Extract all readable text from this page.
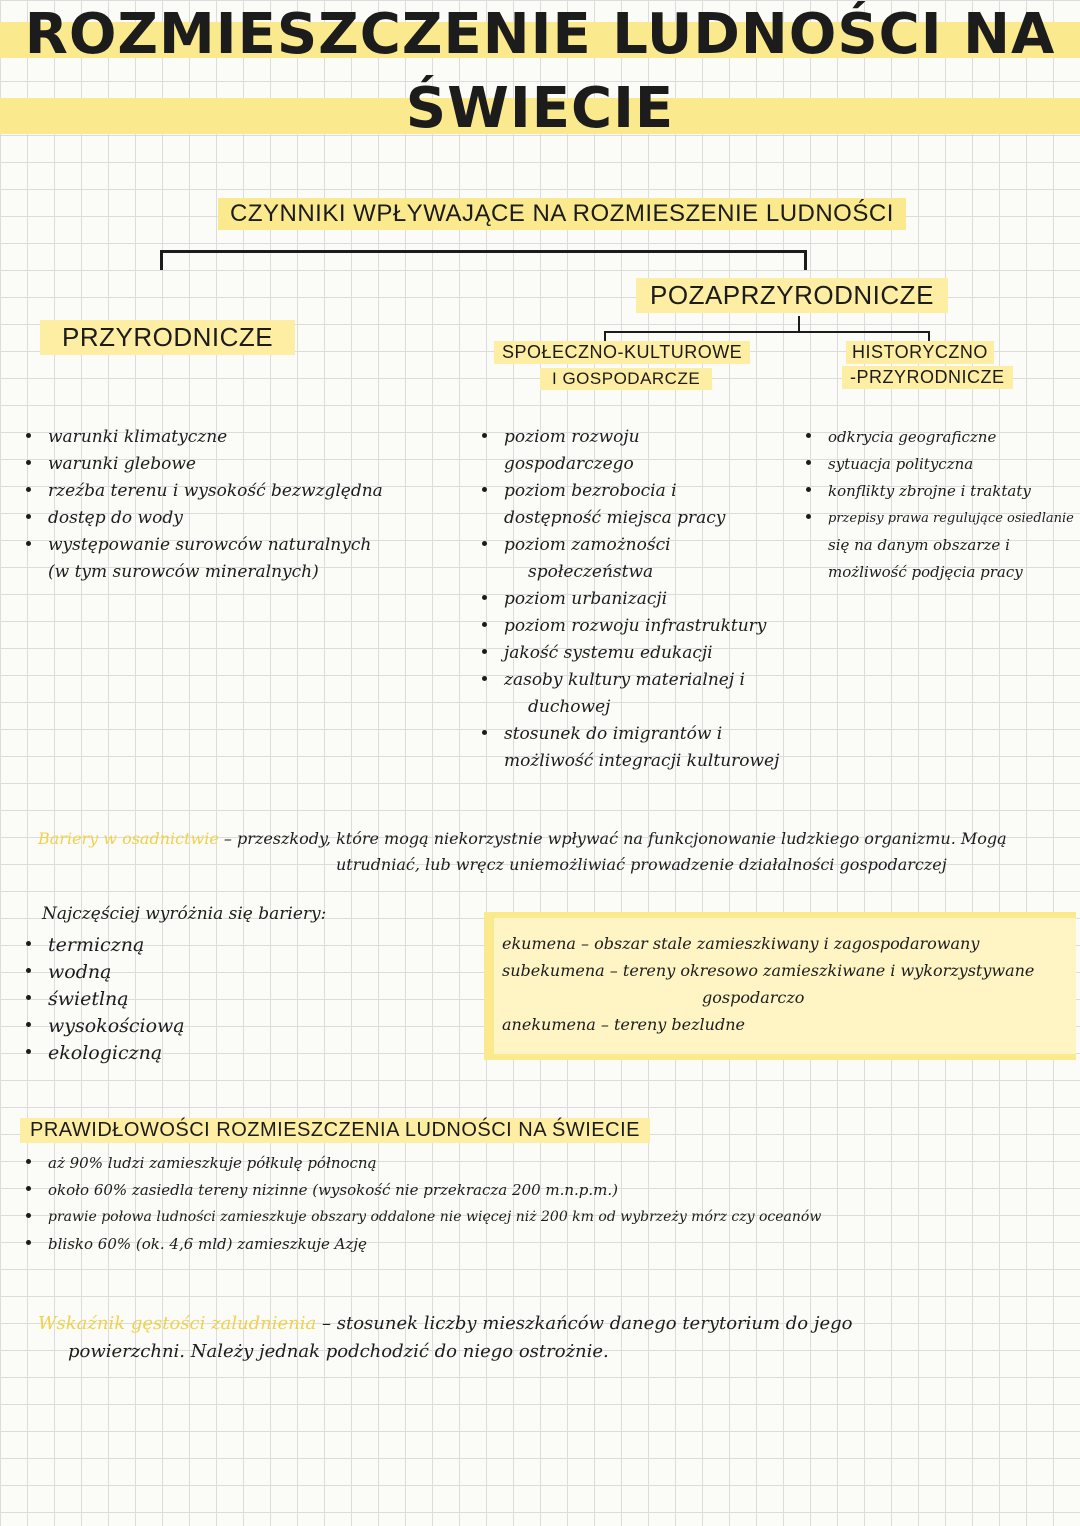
ROZMIESZCZENIE LUDNOŚCI NA
ŚWIECIE
CZYNNIKI WPŁYWAJĄCE NA ROZMIESZENIE LUDNOŚCI
PRZYRODNICZE
POZAPRZYRODNICZE
SPOŁECZNO-KULTUROWE
I GOSPODARCZE
HISTORYCZNO
-PRZYRODNICZE
warunki klimatyczne
warunki glebowe
rzeźba terenu i wysokość bezwzględna
dostęp do wody
występowanie surowców naturalnych
(w tym surowców mineralnych)
poziom rozwoju
gospodarczego
poziom bezrobocia i
dostępność miejsca pracy
poziom zamożności
społeczeństwa
poziom urbanizacji
poziom rozwoju infrastruktury
jakość systemu edukacji
zasoby kultury materialnej i
duchowej
stosunek do imigrantów i
możliwość integracji kulturowej
odkrycia geograficzne
sytuacja polityczna
konflikty zbrojne i traktaty
przepisy prawa regulujące osiedlanie
się na danym obszarze i
możliwość podjęcia pracy
Bariery w osadnictwie – przeszkody, które mogą niekorzystnie wpływać na funkcjonowanie ludzkiego organizmu. Mogą
utrudniać, lub wręcz uniemożliwiać prowadzenie działalności gospodarczej
Najczęściej wyróżnia się bariery:
termiczną
wodną
świetlną
wysokościową
ekologiczną
ekumena – obszar stale zamieszkiwany i zagospodarowany
subekumena – tereny okresowo zamieszkiwane i wykorzystywane
gospodarczo
anekumena – tereny bezludne
PRAWIDŁOWOŚCI ROZMIESZCZENIA LUDNOŚCI NA ŚWIECIE
aż 90% ludzi zamieszkuje półkulę północną
około 60% zasiedla tereny nizinne (wysokość nie przekracza 200 m.n.p.m.)
prawie połowa ludności zamieszkuje obszary oddalone nie więcej niż 200 km od wybrzeży mórz czy oceanów
blisko 60% (ok. 4,6 mld) zamieszkuje Azję
Wskaźnik gęstości zaludnienia – stosunek liczby mieszkańców danego terytorium do jego
powierzchni. Należy jednak podchodzić do niego ostrożnie.
